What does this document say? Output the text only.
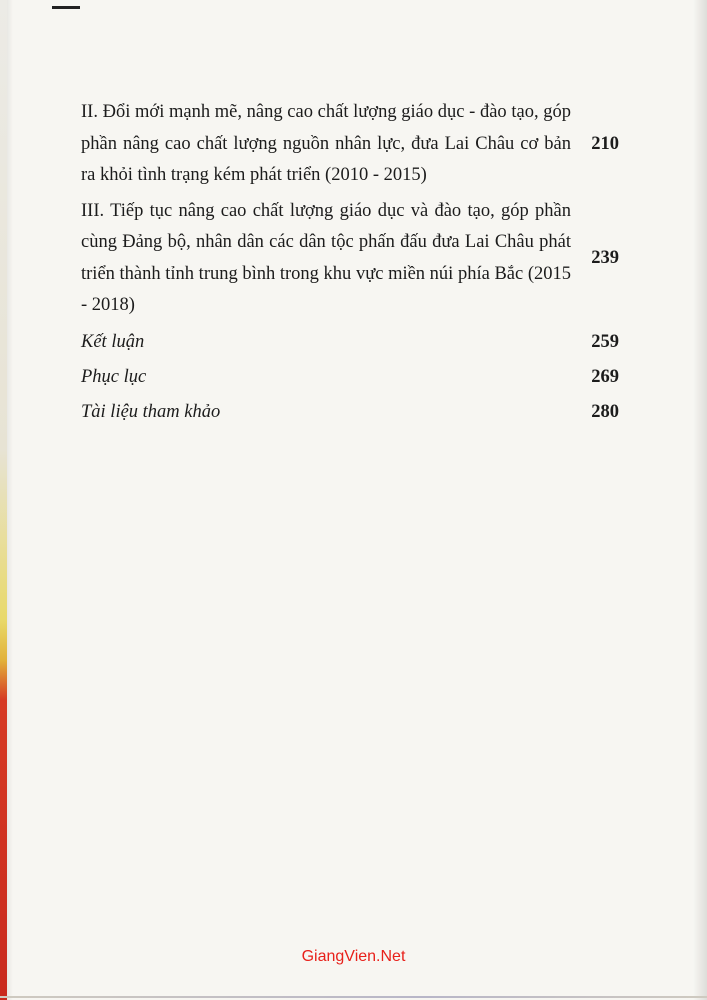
II. Đổi mới mạnh mẽ, nâng cao chất lượng giáo dục - đào tạo, góp phần nâng cao chất lượng nguồn nhân lực, đưa Lai Châu cơ bản ra khỏi tình trạng kém phát triển (2010 - 2015)
210
III. Tiếp tục nâng cao chất lượng giáo dục và đào tạo, góp phần cùng Đảng bộ, nhân dân các dân tộc phấn đấu đưa Lai Châu phát triển thành tỉnh trung bình trong khu vực miền núi phía Bắc (2015 - 2018)
239
Kết luận	259
Phục lục	269
Tài liệu tham khảo	280
GiangVien.Net
